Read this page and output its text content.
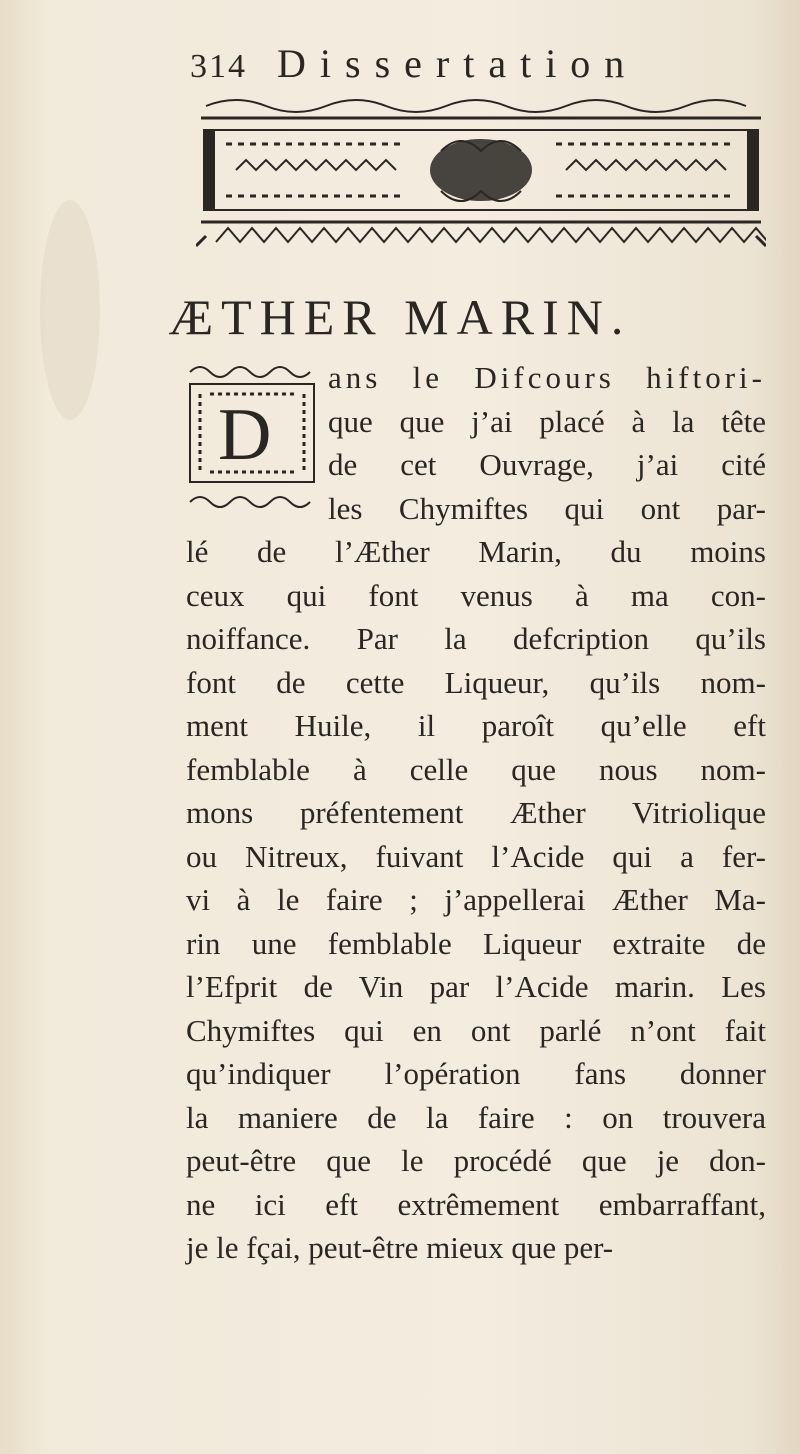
314 Dissertation
ÆTHER MARIN.
D
ans le Difcours hiftori-
que que j’ai placé à la tête
de cet Ouvrage, j’ai cité
les Chymiftes qui ont par-
lé de l’Æther Marin, du moins
ceux qui font venus à ma con-
noiffance. Par la defcription qu’ils
font de cette Liqueur, qu’ils nom-
ment Huile, il paroît qu’elle eft
femblable à celle que nous nom-
mons préfentement Æther Vitriolique
ou Nitreux, fuivant l’Acide qui a fer-
vi à le faire ; j’appellerai Æther Ma-
rin une femblable Liqueur extraite de
l’Efprit de Vin par l’Acide marin. Les
Chymiftes qui en ont parlé n’ont fait
qu’indiquer l’opération fans donner
la maniere de la faire : on trouvera
peut-être que le procédé que je don-
ne ici eft extrêmement embarraffant,
je le fçai, peut-être mieux que per-
